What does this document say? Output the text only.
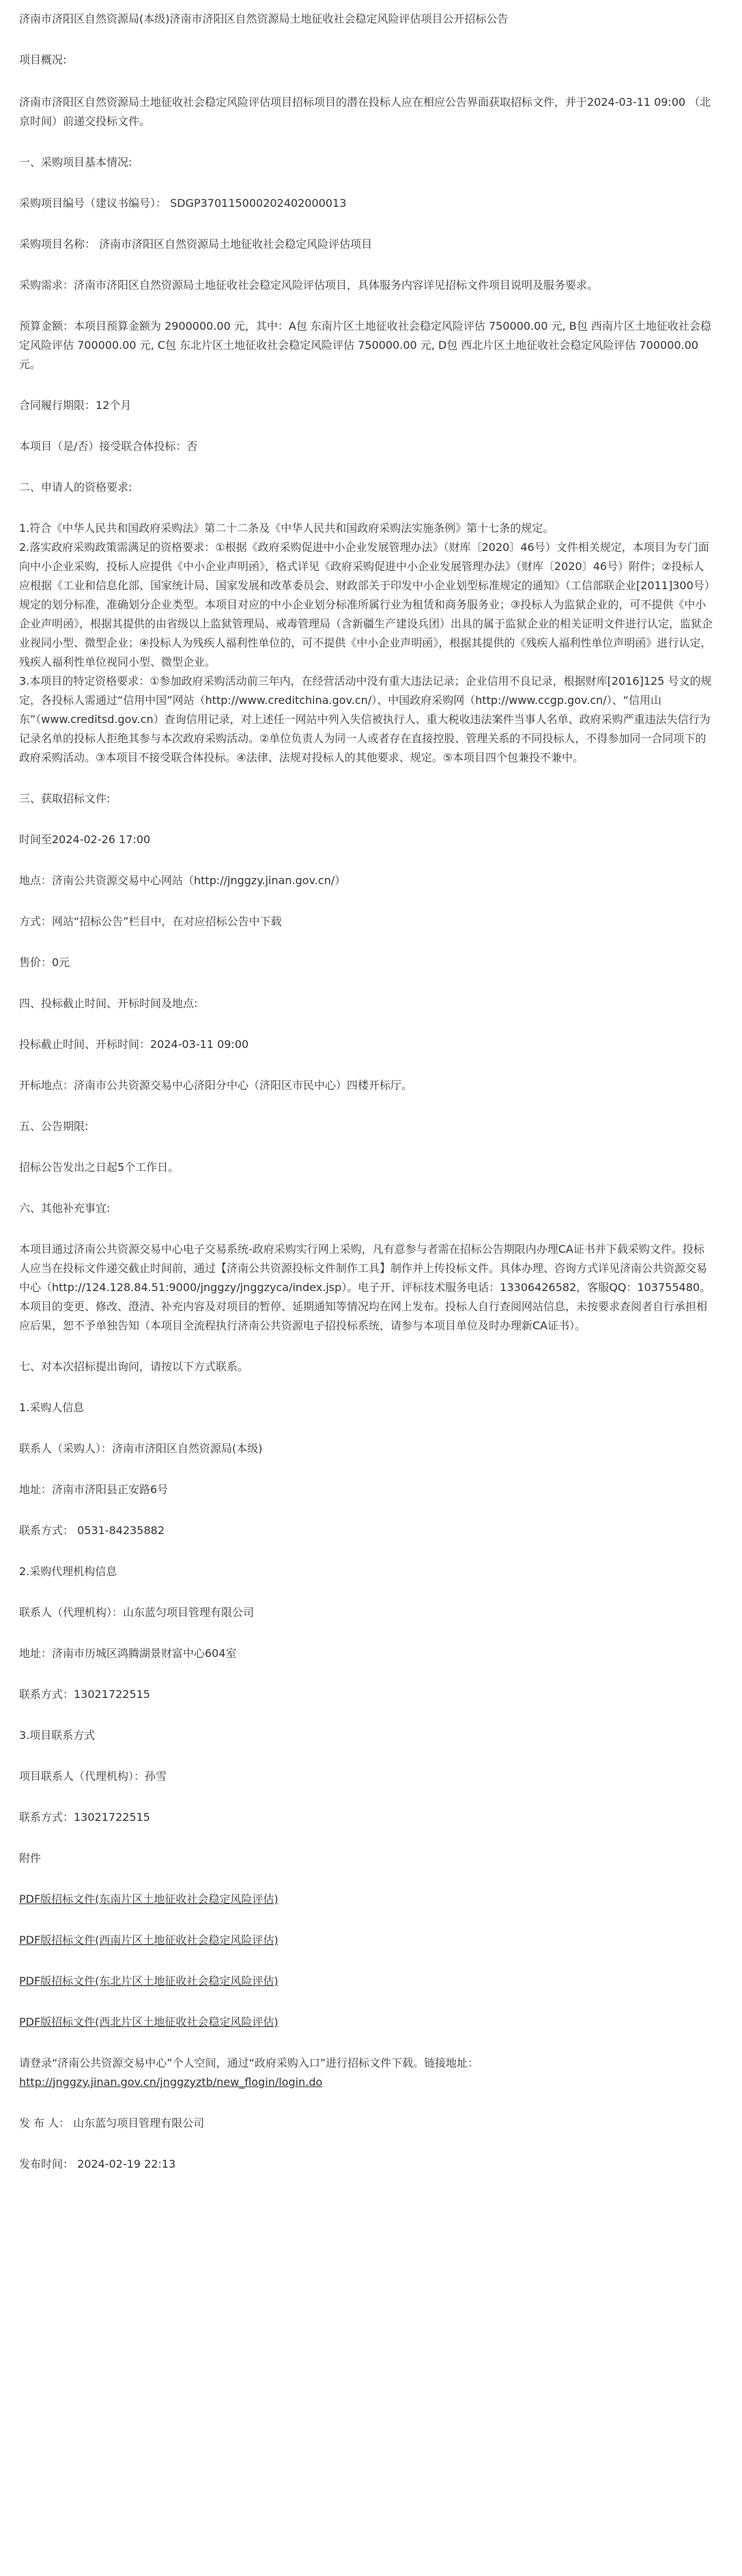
济南市济阳区自然资源局(本级)济南市济阳区自然资源局土地征收社会稳定风险评估项目公开招标公告

项目概况:

济南市济阳区自然资源局土地征收社会稳定风险评估项目招标项目的潜在投标人应在相应公告界面获取招标文件，并于2024-03-11 09:00 （北京时间）前递交投标文件。

一、采购项目基本情况:

采购项目编号（建议书编号）： SDGP370115000202402000013

采购项目名称： 济南市济阳区自然资源局土地征收社会稳定风险评估项目

采购需求：济南市济阳区自然资源局土地征收社会稳定风险评估项目，具体服务内容详见招标文件项目说明及服务要求。

预算金额：本项目预算金额为 2900000.00 元，其中：A包 东南片区土地征收社会稳定风险评估 750000.00 元, B包 西南片区土地征收社会稳定风险评估 700000.00 元, C包 东北片区土地征收社会稳定风险评估 750000.00 元, D包 西北片区土地征收社会稳定风险评估 700000.00 元。

合同履行期限：12个月

本项目（是/否）接受联合体投标：否

二、申请人的资格要求:

1.符合《中华人民共和国政府采购法》第二十二条及《中华人民共和国政府采购法实施条例》第十七条的规定。

2.落实政府采购政策需满足的资格要求：①根据《政府采购促进中小企业发展管理办法》（财库〔2020〕46号）文件相关规定，本项目为专门面向中小企业采购，投标人应提供《中小企业声明函》，格式详见《政府采购促进中小企业发展管理办法》（财库〔2020〕46号）附件；②投标人应根据《工业和信息化部、国家统计局、国家发展和改革委员会、财政部关于印发中小企业划型标准规定的通知》（工信部联企业[2011]300号）规定的划分标准，准确划分企业类型。本项目对应的中小企业划分标准所属行业为租赁和商务服务业；③投标人为监狱企业的，可不提供《中小企业声明函》，根据其提供的由省级以上监狱管理局、戒毒管理局（含新疆生产建设兵团）出具的属于监狱企业的相关证明文件进行认定，监狱企业视同小型、微型企业；④投标人为残疾人福利性单位的，可不提供《中小企业声明函》，根据其提供的《残疾人福利性单位声明函》进行认定，残疾人福利性单位视同小型、微型企业。

3.本项目的特定资格要求：①参加政府采购活动前三年内，在经营活动中没有重大违法记录；企业信用不良记录，根据财库[2016]125 号文的规定，各投标人需通过“信用中国”网站（http://www.creditchina.gov.cn/）、中国政府采购网（http://www.ccgp.gov.cn/）、“信用山东”（www.creditsd.gov.cn）查询信用记录，对上述任一网站中列入失信被执行人、重大税收违法案件当事人名单、政府采购严重违法失信行为记录名单的投标人拒绝其参与本次政府采购活动。②单位负责人为同一人或者存在直接控股、管理关系的不同投标人，不得参加同一合同项下的政府采购活动。③本项目不接受联合体投标。④法律、法规对投标人的其他要求、规定。⑤本项目四个包兼投不兼中。

三、获取招标文件:

时间至2024-02-26 17:00

地点：济南公共资源交易中心网站（http://jnggzy.jinan.gov.cn/）

方式：网站“招标公告”栏目中，在对应招标公告中下载

售价：0元

四、投标截止时间、开标时间及地点:

投标截止时间、开标时间：2024-03-11 09:00

开标地点：济南市公共资源交易中心济阳分中心（济阳区市民中心）四楼开标厅。

五、公告期限:

招标公告发出之日起5个工作日。

六、其他补充事宜:

本项目通过济南公共资源交易中心电子交易系统-政府采购实行网上采购，凡有意参与者需在招标公告期限内办理CA证书并下载采购文件。投标人应当在投标文件递交截止时间前，通过【济南公共资源投标文件制作工具】制作并上传投标文件。具体办理、咨询方式详见济南公共资源交易中心（http://124.128.84.51:9000/jnggzy/jnggzyca/index.jsp）。电子开、评标技术服务电话：13306426582，客服QQ：103755480。本项目的变更、修改、澄清、补充内容及对项目的暂停、延期通知等情况均在网上发布。投标人自行查阅网站信息，未按要求查阅者自行承担相应后果，恕不予单独告知（本项目全流程执行济南公共资源电子招投标系统，请参与本项目单位及时办理新CA证书）。

七、对本次招标提出询问，请按以下方式联系。

1.采购人信息

联系人（采购人）：济南市济阳区自然资源局(本级)

地址：济南市济阳县正安路6号

联系方式： 0531-84235882

2.采购代理机构信息

联系人（代理机构）：山东蓝匀项目管理有限公司

地址：济南市历城区鸿腾湖景财富中心604室

联系方式：13021722515

3.项目联系方式

项目联系人（代理机构）：孙雪

联系方式：13021722515

附件

PDF版招标文件(东南片区土地征收社会稳定风险评估)

PDF版招标文件(西南片区土地征收社会稳定风险评估)

PDF版招标文件(东北片区土地征收社会稳定风险评估)

PDF版招标文件(西北片区土地征收社会稳定风险评估)

请登录“济南公共资源交易中心”个人空间，通过“政府采购入口”进行招标文件下载。链接地址：
http://jnggzy.jinan.gov.cn/jnggzyztb/new_flogin/login.do

发 布 人： 山东蓝匀项目管理有限公司

发布时间： 2024-02-19 22:13
